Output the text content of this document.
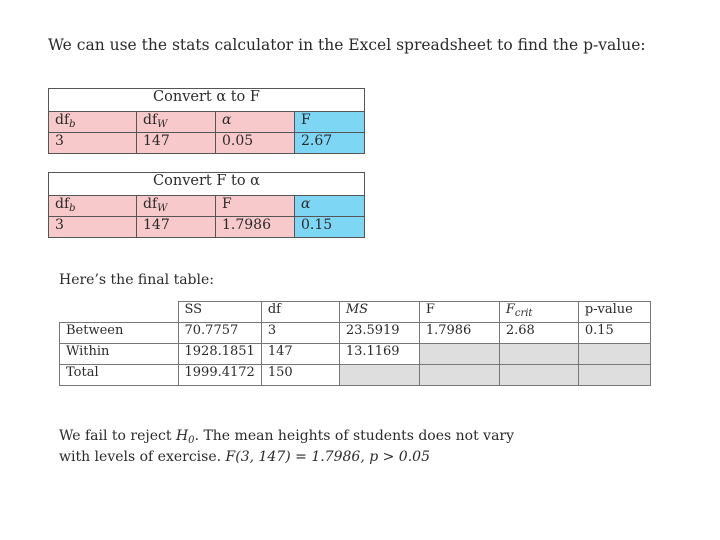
We can use the stats calculator in the Excel spreadsheet to find the p-value:
Convert α to F			
$df_b$	$df_W$	α	F
3	147	0.05	2.67
Convert F to α			
$df_b$	$df_W$	F	α
3	147	1.7986	0.15
Here’s the final table:
	SS	df	MS	F	$F_{crit}$	p-value
Between	70.7757	3	23.5919	1.7986	2.68	0.15
Within	1928.1851	147	13.1169			
Total	1999.4172	150				
We fail to reject $H_0$. The mean heights of students does not vary with levels of exercise. F(3, 147) = 1.7986, p > 0.05
